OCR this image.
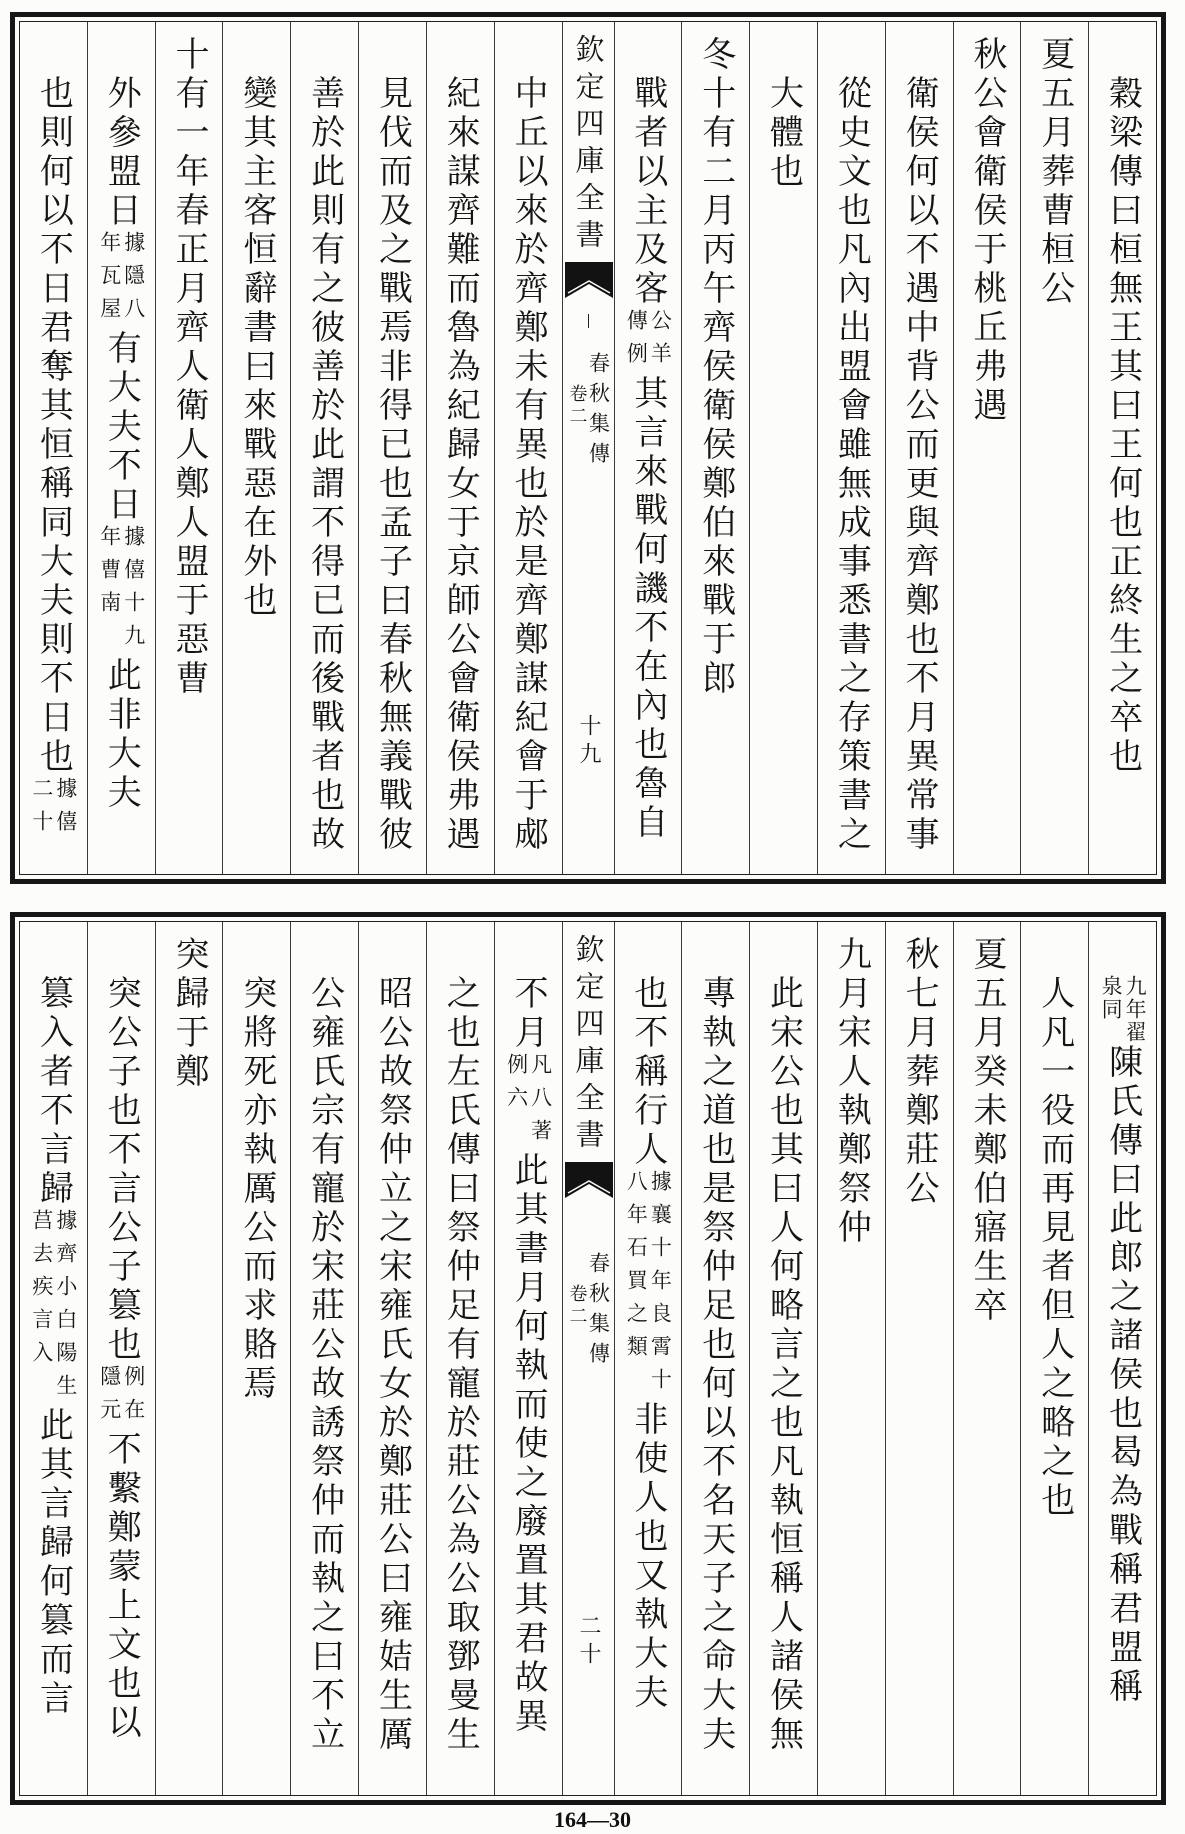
穀梁傳曰桓無王其曰王何也正終生之卒也
夏五月葬曹桓公
秋公會衛侯于桃丘弗遇
衛侯何以不遇中背公而更與齊鄭也不月異常事
從史文也凡內出盟會雖無成事悉書之存策書之
大體也
冬十有二月丙午齊侯衛侯鄭伯來戰于郎
戰者以主及客
公羊
傳例
其言來戰何譏不在內也魯自
欽定四庫全書
春秋集傳
卷二
十九
中丘以來於齊鄭未有異也於是齊鄭謀紀會于郕
紀來謀齊難而魯為紀歸女于京師公會衛侯弗遇
見伐而及之戰焉非得已也孟子曰春秋無義戰彼
善於此則有之彼善於此謂不得已而後戰者也故
變其主客恒辭書曰來戰惡在外也
十有一年春正月齊人衛人鄭人盟于惡曹
外參盟日
據隱八
年瓦屋
有大夫不日
據僖十九
年曹南
此非大夫
也則何以不日君奪其恒稱同大夫則不日也
據僖
二十
九年翟
泉同
陳氏傳曰此郎之諸侯也曷為戰稱君盟稱
人凡一役而再見者但人之略之也
夏五月癸未鄭伯寤生卒
秋七月葬鄭莊公
九月宋人執鄭祭仲
此宋公也其曰人何略言之也凡執恒稱人諸侯無
專執之道也是祭仲足也何以不名天子之命大夫
也不稱行人
據襄十年良霄十
八年石買之類
非使人也又執大夫
欽定四庫全書
春秋集傳
卷二
二十
不月
凡八著
例六
此其書月何執而使之廢置其君故異
之也左氏傳曰祭仲足有寵於莊公為公取鄧曼生
昭公故祭仲立之宋雍氏女於鄭莊公曰雍姞生厲
公雍氏宗有寵於宋莊公故誘祭仲而執之曰不立
突將死亦執厲公而求賂焉
突歸于鄭
突公子也不言公子篡也
例在
隱元
不繫鄭蒙上文也以
篡入者不言歸
據齊小白陽生
莒去疾言入
此其言歸何篡而言
164—30
